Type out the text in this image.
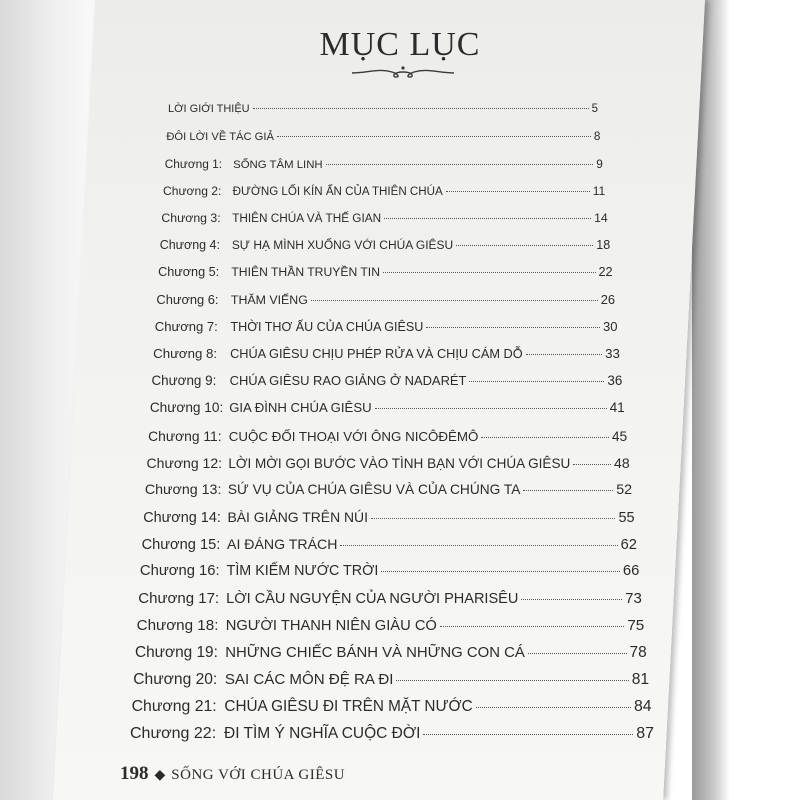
MỤC LỤC
LỜI GIỚI THIỆU	5
ĐÔI LỜI VỀ TÁC GIẢ	8
Chương 1: SỐNG TÂM LINH	9
Chương 2: ĐƯỜNG LỐI KÍN ẨN CỦA THIÊN CHÚA	11
Chương 3: THIÊN CHÚA VÀ THẾ GIAN	14
Chương 4: SỰ HẠ MÌNH XUỐNG VỚI CHÚA GIÊSU	18
Chương 5: THIÊN THẦN TRUYỀN TIN	22
Chương 6: THĂM VIẾNG	26
Chương 7: THỜI THƠ ẤU CỦA CHÚA GIÊSU	30
Chương 8: CHÚA GIÊSU CHỊU PHÉP RỬA VÀ CHỊU CÁM DỖ	33
Chương 9: CHÚA GIÊSU RAO GIẢNG Ở NADARÉT	36
Chương 10: GIA ĐÌNH CHÚA GIÊSU	41
Chương 11: CUỘC ĐỐI THOẠI VỚI ÔNG NICÔĐÊMÔ	45
Chương 12: LỜI MỜI GỌI BƯỚC VÀO TÌNH BẠN VỚI CHÚA GIÊSU	48
Chương 13: SỨ VỤ CỦA CHÚA GIÊSU VÀ CỦA CHÚNG TA	52
Chương 14: BÀI GIẢNG TRÊN NÚI	55
Chương 15: AI ĐÁNG TRÁCH	62
Chương 16: TÌM KIẾM NƯỚC TRỜI	66
Chương 17: LỜI CẦU NGUYỆN CỦA NGƯỜI PHARISÊU	73
Chương 18: NGƯỜI THANH NIÊN GIÀU CÓ	75
Chương 19: NHỮNG CHIẾC BÁNH VÀ NHỮNG CON CÁ	78
Chương 20: SAI CÁC MÔN ĐỆ RA ĐI	81
Chương 21: CHÚA GIÊSU ĐI TRÊN MẶT NƯỚC	84
Chương 22: ĐI TÌM Ý NGHĨA CUỘC ĐỜI	87
198 ◆ SỐNG VỚI CHÚA GIÊSU
